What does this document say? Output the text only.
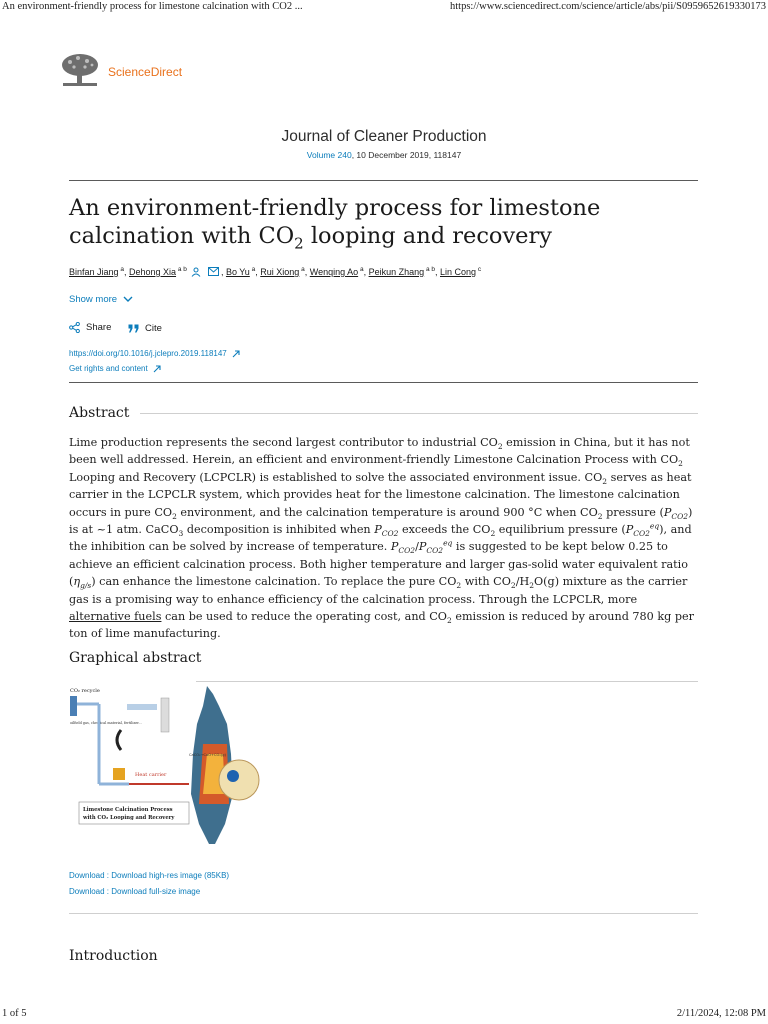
An environment-friendly process for limestone calcination with CO2 ...	https://www.sciencedirect.com/science/article/abs/pii/S0959652619330173
ScienceDirect
Journal of Cleaner Production
Volume 240, 10 December 2019, 118147
An environment-friendly process for limestone calcination with $CO_2$ looping and recovery
Binfan Jiang $^a$, Dehong Xia $^{a b}$	, Bo Yu $^a$, Rui Xiong $^a$, Wenqing Ao $^a$, Peikun Zhang $^{a b}$, Lin Cong $^c$
Show more
Share
	Cite
https://doi.org/10.1016/j.jclepro.2019.118147
Get rights and content
Abstract
Lime production represents the second largest contributor to industrial $CO_2$ emission in China, but it has not been well addressed. Herein, an efficient and environment-friendly Limestone Calcination Process with $CO_2$ Looping and Recovery (LCPCLR) is established to solve the associated environment issue. $CO_2$ serves as heat carrier in the LCPCLR system, which provides heat for the limestone calcination. The limestone calcination occurs in pure $CO_2$ environment, and the calcination temperature is around 900 °C when $CO_2$ pressure $(P_{CO2})$ is at ~1 atm. CaCO$_3$ decomposition is inhibited when $P_{CO2}$ exceeds the $CO_2$ equilibrium pressure $(P_{CO2}^{eq})$, and the inhibition can be solved by increase of temperature. $P_{CO2}/P_{CO2}^{eq}$ is suggested to be kept below 0.25 to achieve an efficient calcination process. Both higher temperature and larger gas-solid water equivalent ratio $(\eta_{g/s})$ can enhance the limestone calcination. To replace the pure $CO_2$ with $CO_2/H_2O(g)$ mixture as the carrier gas is a promising way to enhance efficiency of the calcination process. Through the LCPCLR, more alternative fuels can be used to reduce the operating cost, and $CO_2$ emission is reduced by around 780 kg per ton of lime manufacturing.
Graphical abstract
CO₂ recycle
oilfield gas, chemical material, fertilizer...
Heat carrier
CaCO₃→CaO+CO₂(g)
Limestone Calcination Process
with CO₂ Looping and Recovery
Download : Download high-res image (85KB)
Download : Download full-size image
Introduction
1 of 5	2/11/2024, 12:08 PM
